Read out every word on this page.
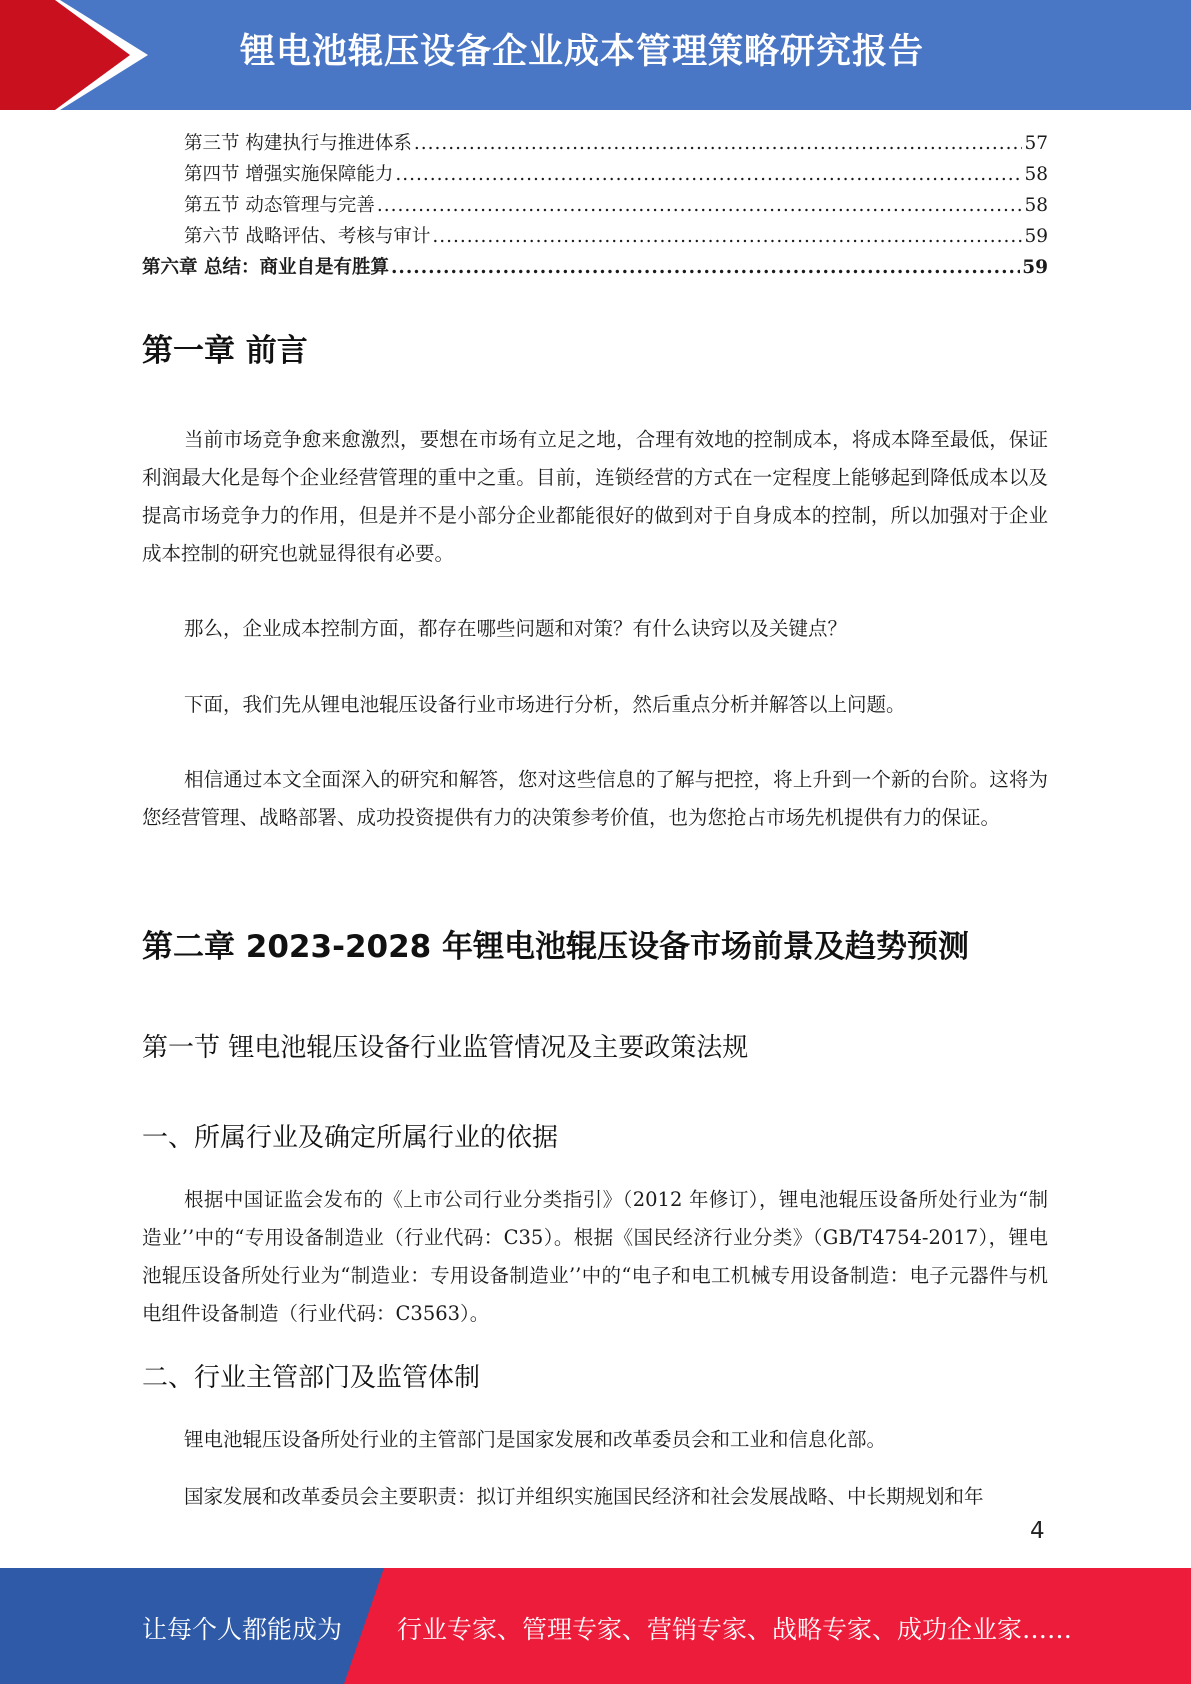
锂电池辊压设备企业成本管理策略研究报告
第三节 构建执行与推进体系 .....	57
第四节 增强实施保障能力 .....	58
第五节 动态管理与完善 .....	58
第六节 战略评估、考核与审计 .....	59
第六章 总结：商业自是有胜算 .....	59
第一章 前言

当前市场竞争愈来愈激烈，要想在市场有立足之地，合理有效地的控制成本，将成本降至最低，保证利润最大化是每个企业经营管理的重中之重。目前，连锁经营的方式在一定程度上能够起到降低成本以及提高市场竞争力的作用，但是并不是小部分企业都能很好的做到对于自身成本的控制，所以加强对于企业成本控制的研究也就显得很有必要。

那么，企业成本控制方面，都存在哪些问题和对策？有什么诀窍以及关键点？

下面，我们先从锂电池辊压设备行业市场进行分析，然后重点分析并解答以上问题。

相信通过本文全面深入的研究和解答，您对这些信息的了解与把控，将上升到一个新的台阶。这将为您经营管理、战略部署、成功投资提供有力的决策参考价值，也为您抢占市场先机提供有力的保证。

第二章 2023-2028 年锂电池辊压设备市场前景及趋势预测
第一节 锂电池辊压设备行业监管情况及主要政策法规
一、所属行业及确定所属行业的依据

根据中国证监会发布的《上市公司行业分类指引》（2012 年修订），锂电池辊压设备所处行业为“制造业’’中的“专用设备制造业（行业代码：C35）。根据《国民经济行业分类》（GB/T4754-2017），锂电池辊压设备所处行业为“制造业：专用设备制造业’’中的“电子和电工机械专用设备制造：电子元器件与机电组件设备制造（行业代码：C3563）。

二、行业主管部门及监管体制

锂电池辊压设备所处行业的主管部门是国家发展和改革委员会和工业和信息化部。

国家发展和改革委员会主要职责：拟订并组织实施国民经济和社会发展战略、中长期规划和年

4
让每个人都能成为 行业专家、管理专家、营销专家、战略专家、成功企业家……
